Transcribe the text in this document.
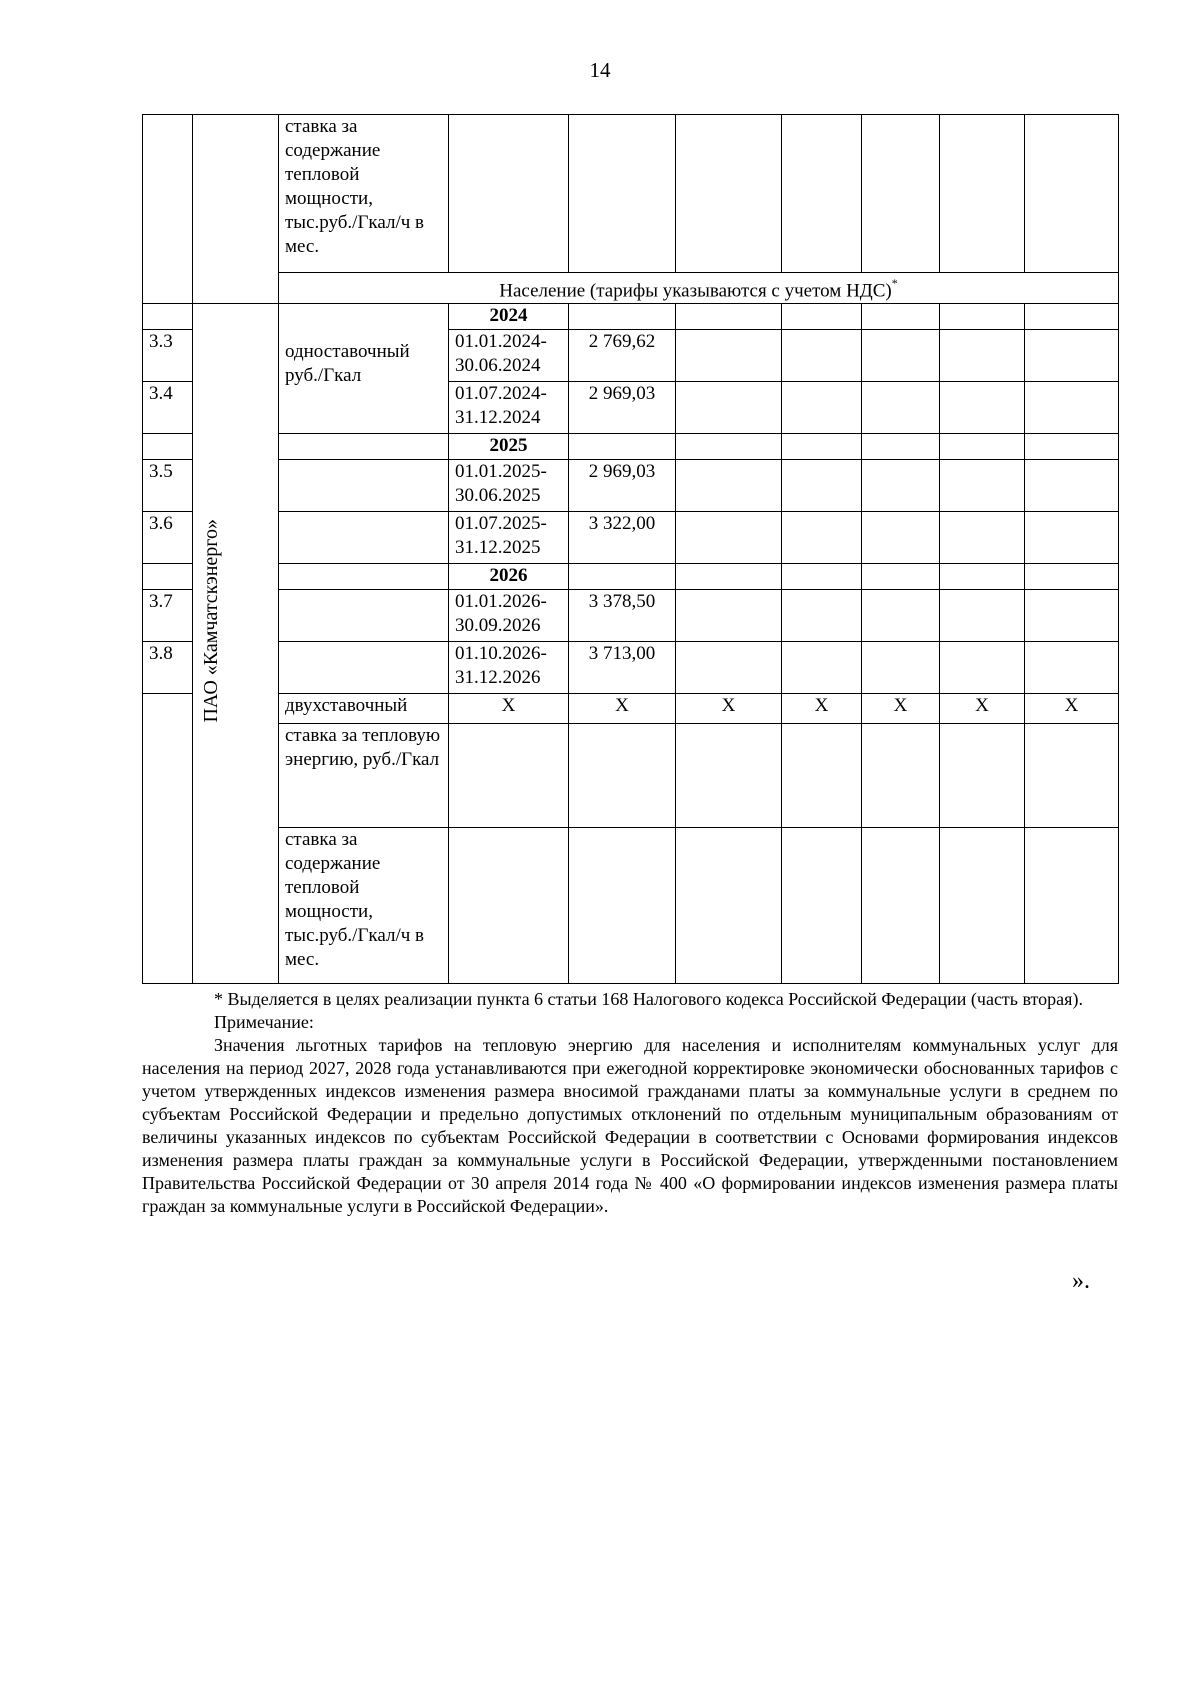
14
		ставка за содержание тепловой мощности, тыс.руб./Гкал/ч в мес.							
		Население (тарифы указываются с учетом НДС)*

	ПАО «Камчатскэнерго»	одноставочный руб./Гкал	2024						
3.3			01.01.2024-30.06.2024	2 769,62					
3.4			01.07.2024-31.12.2024	2 969,03					
			2025						
3.5			01.01.2025-30.06.2025	2 969,03					
3.6			01.07.2025-31.12.2025	3 322,00					
			2026						
3.7			01.01.2026-30.09.2026	3 378,50					
3.8			01.10.2026-31.12.2026	3 713,00					
		двухставочный	X	X	X	X	X	X	X
		ставка за тепловую энергию, руб./Гкал							
		ставка за содержание тепловой мощности, тыс.руб./Гкал/ч в мес.							

* Выделяется в целях реализации пункта 6 статьи 168 Налогового кодекса Российской Федерации (часть вторая).

Примечание:

Значения льготных тарифов на тепловую энергию для населения и исполнителям коммунальных услуг для населения на период 2027, 2028 года устанавливаются при ежегодной корректировке экономически обоснованных тарифов с учетом утвержденных индексов изменения размера вносимой гражданами платы за коммунальные услуги в среднем по субъектам Российской Федерации и предельно допустимых отклонений по отдельным муниципальным образованиям от величины указанных индексов по субъектам Российской Федерации в соответствии с Основами формирования индексов изменения размера платы граждан за коммунальные услуги в Российской Федерации, утвержденными постановлением Правительства Российской Федерации от 30 апреля 2014 года № 400 «О формировании индексов изменения размера платы граждан за коммунальные услуги в Российской Федерации».

».
